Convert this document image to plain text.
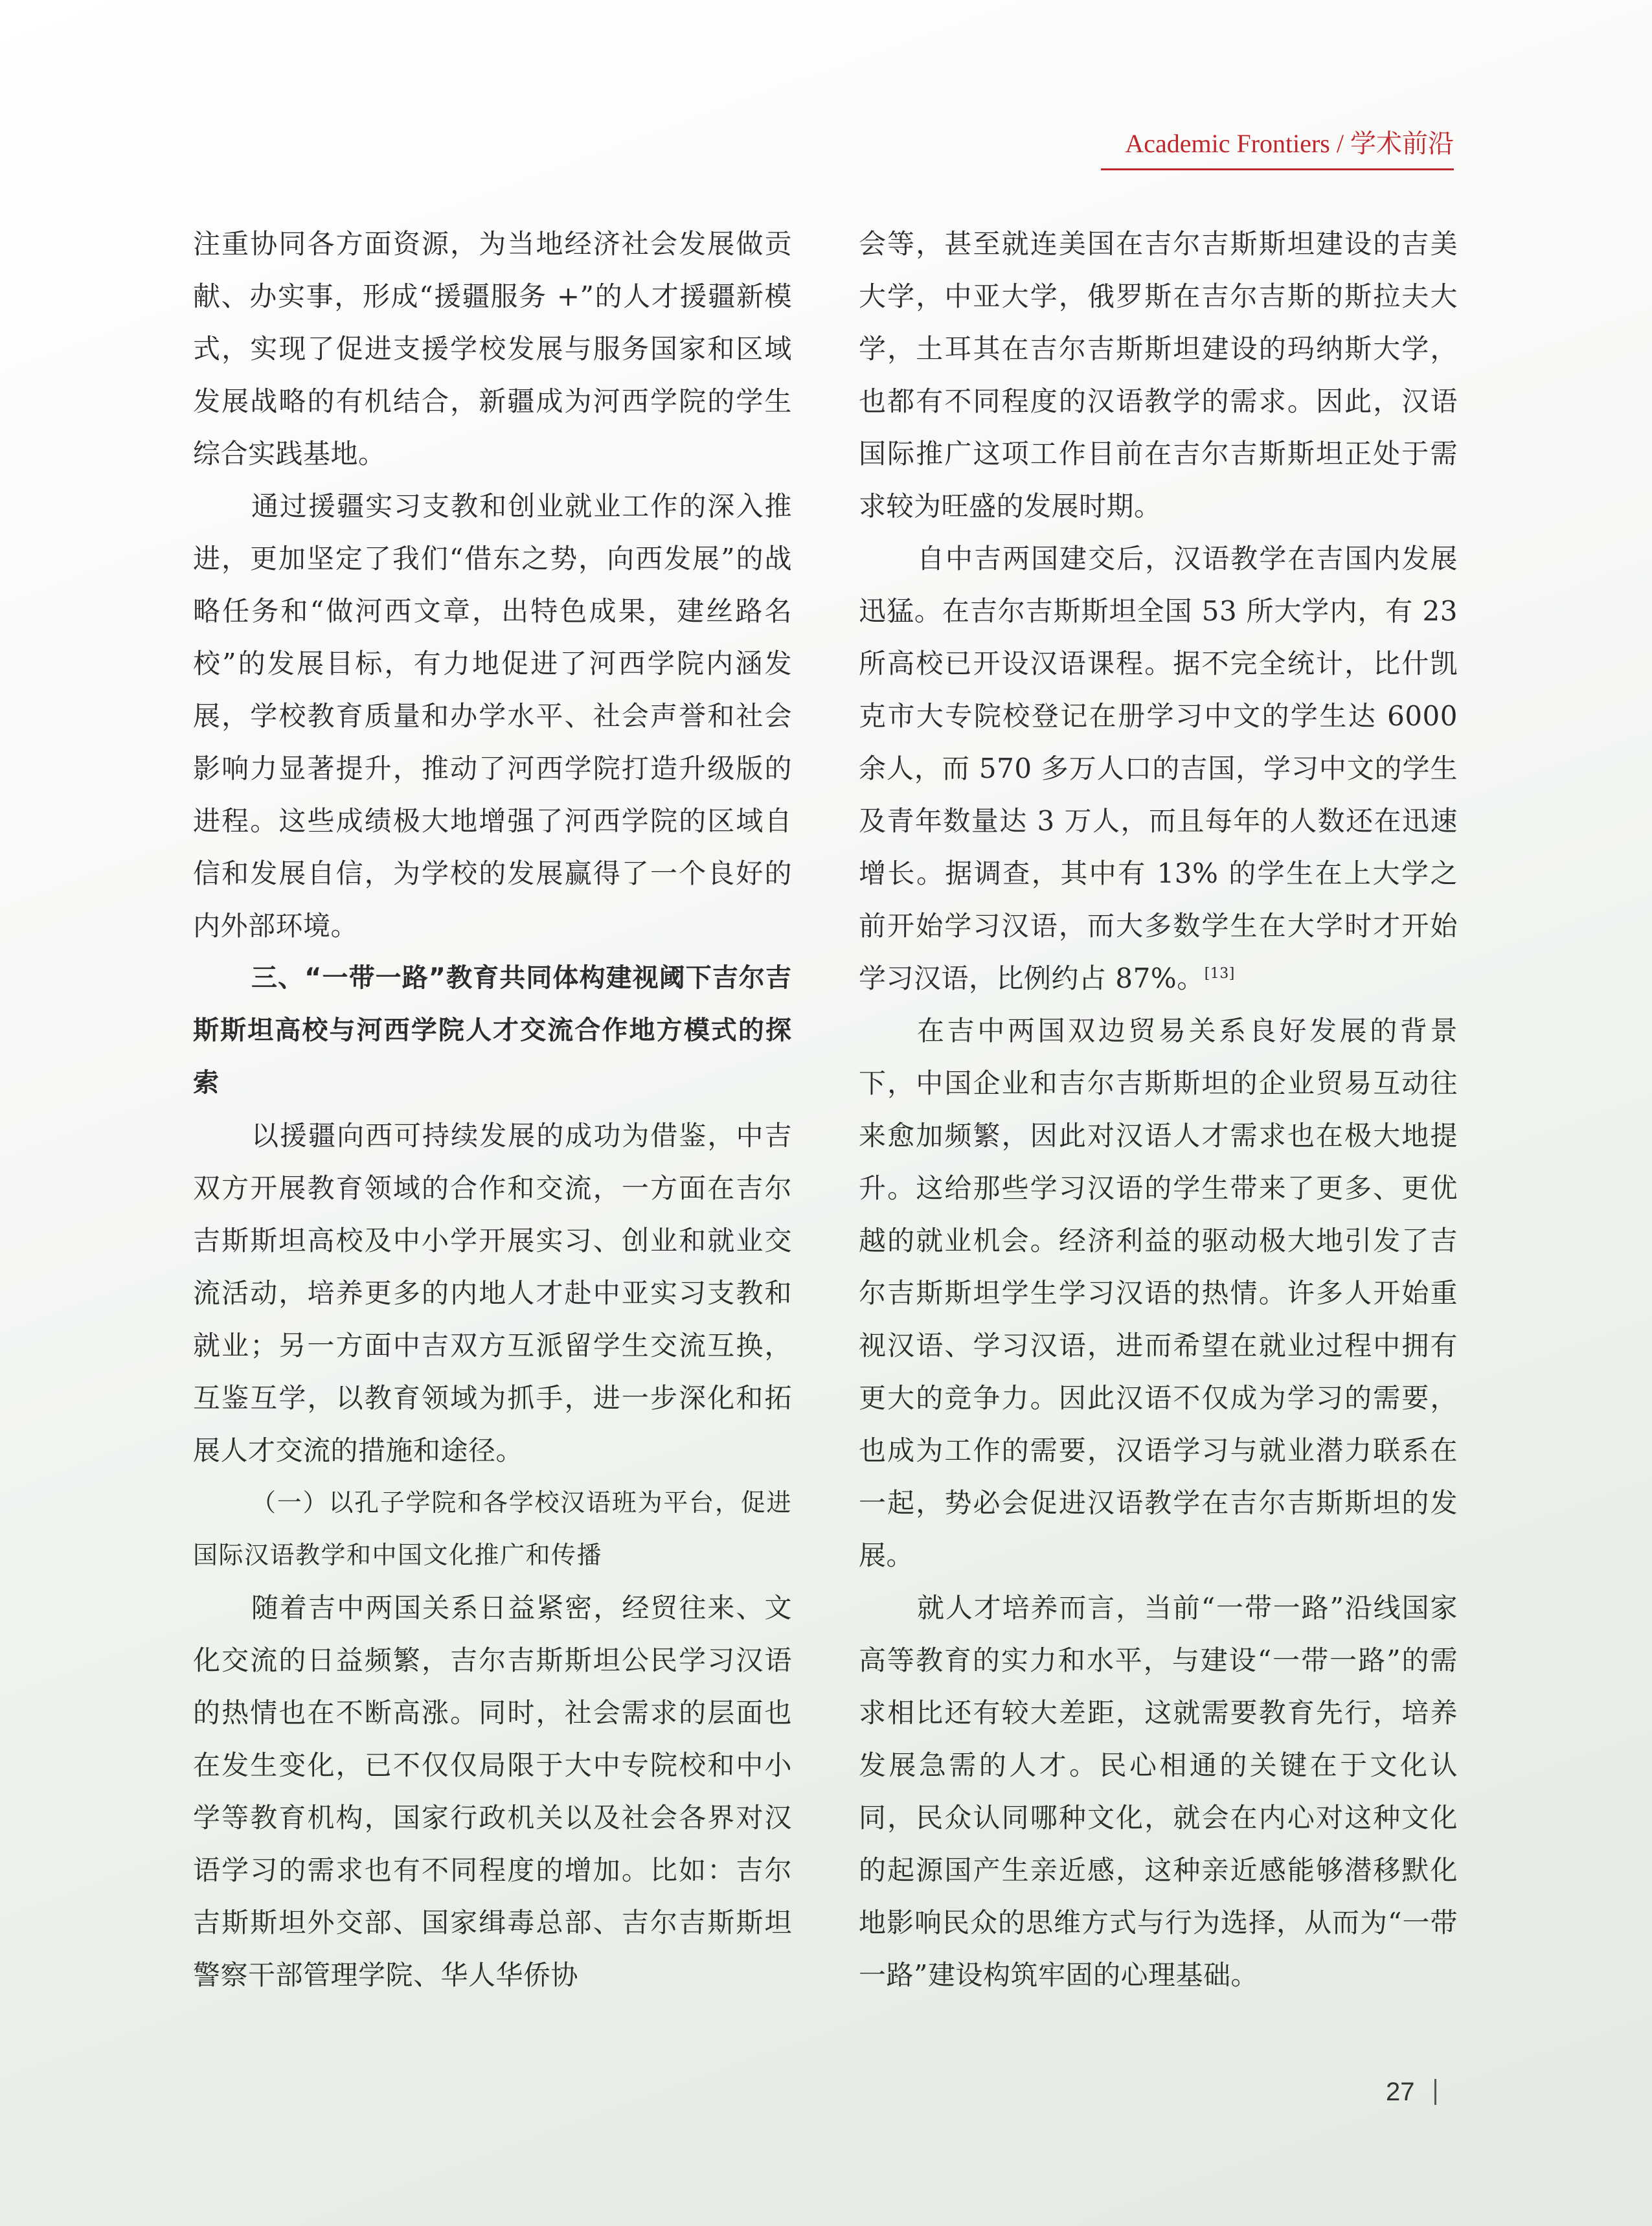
Academic Frontiers / 学术前沿

注重协同各方面资源，为当地经济社会发展做贡献、办实事，形成“援疆服务 +”的人才援疆新模式，实现了促进支援学校发展与服务国家和区域发展战略的有机结合，新疆成为河西学院的学生综合实践基地。

通过援疆实习支教和创业就业工作的深入推进，更加坚定了我们“借东之势，向西发展”的战略任务和“做河西文章，出特色成果，建丝路名校”的发展目标，有力地促进了河西学院内涵发展，学校教育质量和办学水平、社会声誉和社会影响力显著提升，推动了河西学院打造升级版的进程。这些成绩极大地增强了河西学院的区域自信和发展自信，为学校的发展赢得了一个良好的内外部环境。

三、“一带一路”教育共同体构建视阈下吉尔吉斯斯坦高校与河西学院人才交流合作地方模式的探索

以援疆向西可持续发展的成功为借鉴，中吉双方开展教育领域的合作和交流，一方面在吉尔吉斯斯坦高校及中小学开展实习、创业和就业交流活动，培养更多的内地人才赴中亚实习支教和就业；另一方面中吉双方互派留学生交流互换，互鉴互学，以教育领域为抓手，进一步深化和拓展人才交流的措施和途径。

（一）以孔子学院和各学校汉语班为平台，促进国际汉语教学和中国文化推广和传播

随着吉中两国关系日益紧密，经贸往来、文化交流的日益频繁，吉尔吉斯斯坦公民学习汉语的热情也在不断高涨。同时，社会需求的层面也在发生变化，已不仅仅局限于大中专院校和中小学等教育机构，国家行政机关以及社会各界对汉语学习的需求也有不同程度的增加。比如：吉尔吉斯斯坦外交部、国家缉毒总部、吉尔吉斯斯坦警察干部管理学院、华人华侨协

会等，甚至就连美国在吉尔吉斯斯坦建设的吉美大学，中亚大学，俄罗斯在吉尔吉斯的斯拉夫大学，土耳其在吉尔吉斯斯坦建设的玛纳斯大学，也都有不同程度的汉语教学的需求。因此，汉语国际推广这项工作目前在吉尔吉斯斯坦正处于需求较为旺盛的发展时期。

自中吉两国建交后，汉语教学在吉国内发展迅猛。在吉尔吉斯斯坦全国 53 所大学内，有 23 所高校已开设汉语课程。据不完全统计，比什凯克市大专院校登记在册学习中文的学生达 6000 余人，而 570 多万人口的吉国，学习中文的学生及青年数量达 3 万人，而且每年的人数还在迅速增长。据调查，其中有 13% 的学生在上大学之前开始学习汉语，而大多数学生在大学时才开始学习汉语，比例约占 87%。[13]

在吉中两国双边贸易关系良好发展的背景下，中国企业和吉尔吉斯斯坦的企业贸易互动往来愈加频繁，因此对汉语人才需求也在极大地提升。这给那些学习汉语的学生带来了更多、更优越的就业机会。经济利益的驱动极大地引发了吉尔吉斯斯坦学生学习汉语的热情。许多人开始重视汉语、学习汉语，进而希望在就业过程中拥有更大的竞争力。因此汉语不仅成为学习的需要，也成为工作的需要，汉语学习与就业潜力联系在一起，势必会促进汉语教学在吉尔吉斯斯坦的发展。

就人才培养而言，当前“一带一路”沿线国家高等教育的实力和水平，与建设“一带一路”的需求相比还有较大差距，这就需要教育先行，培养发展急需的人才。民心相通的关键在于文化认同，民众认同哪种文化，就会在内心对这种文化的起源国产生亲近感，这种亲近感能够潜移默化地影响民众的思维方式与行为选择，从而为“一带一路”建设构筑牢固的心理基础。

27
